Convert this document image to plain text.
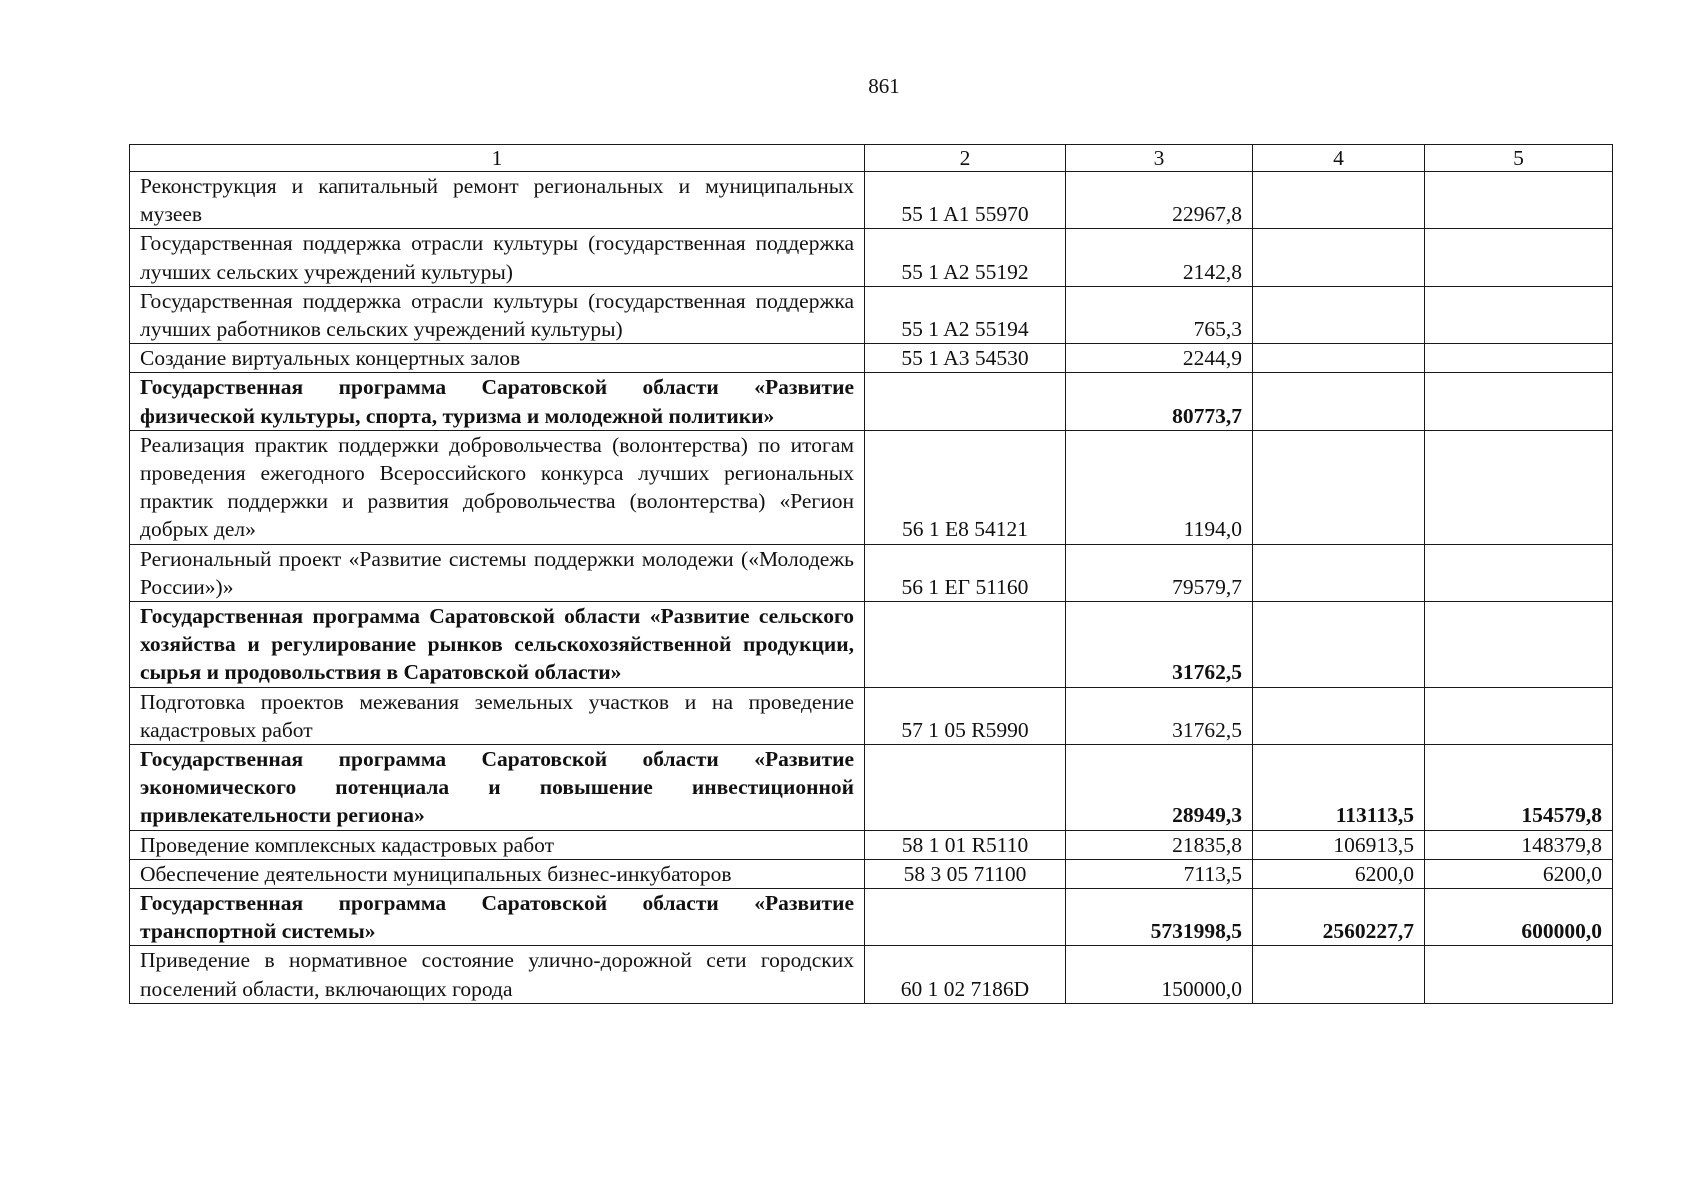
861
1	2	3	4	5
Реконструкция и капитальный ремонт региональных и муниципальных музеев	55 1 A1 55970	22967,8		
Государственная поддержка отрасли культуры (государственная поддержка лучших сельских учреждений культуры)	55 1 A2 55192	2142,8		
Государственная поддержка отрасли культуры (государственная поддержка лучших работников сельских учреждений культуры)	55 1 A2 55194	765,3		
Создание виртуальных концертных залов	55 1 A3 54530	2244,9		
Государственная программа Саратовской области «Развитие физической культуры, спорта, туризма и молодежной политики»		80773,7		
Реализация практик поддержки добровольчества (волонтерства) по итогам проведения ежегодного Всероссийского конкурса лучших региональных практик поддержки и развития добровольчества (волонтерства) «Регион добрых дел»	56 1 E8 54121	1194,0		
Региональный проект «Развитие системы поддержки молодежи («Молодежь России»)»	56 1 ЕГ 51160	79579,7		
Государственная программа Саратовской области «Развитие сельского хозяйства и регулирование рынков сельскохозяйственной продукции, сырья и продовольствия в Саратовской области»		31762,5		
Подготовка проектов межевания земельных участков и на проведение кадастровых работ	57 1 05 R5990	31762,5		
Государственная программа Саратовской области «Развитие экономического потенциала и повышение инвестиционной привлекательности региона»		28949,3	113113,5	154579,8
Проведение комплексных кадастровых работ	58 1 01 R5110	21835,8	106913,5	148379,8
Обеспечение деятельности муниципальных бизнес-инкубаторов	58 3 05 71100	7113,5	6200,0	6200,0
Государственная программа Саратовской области «Развитие транспортной системы»		5731998,5	2560227,7	600000,0
Приведение в нормативное состояние улично-дорожной сети городских поселений области, включающих города	60 1 02 7186D	150000,0		
